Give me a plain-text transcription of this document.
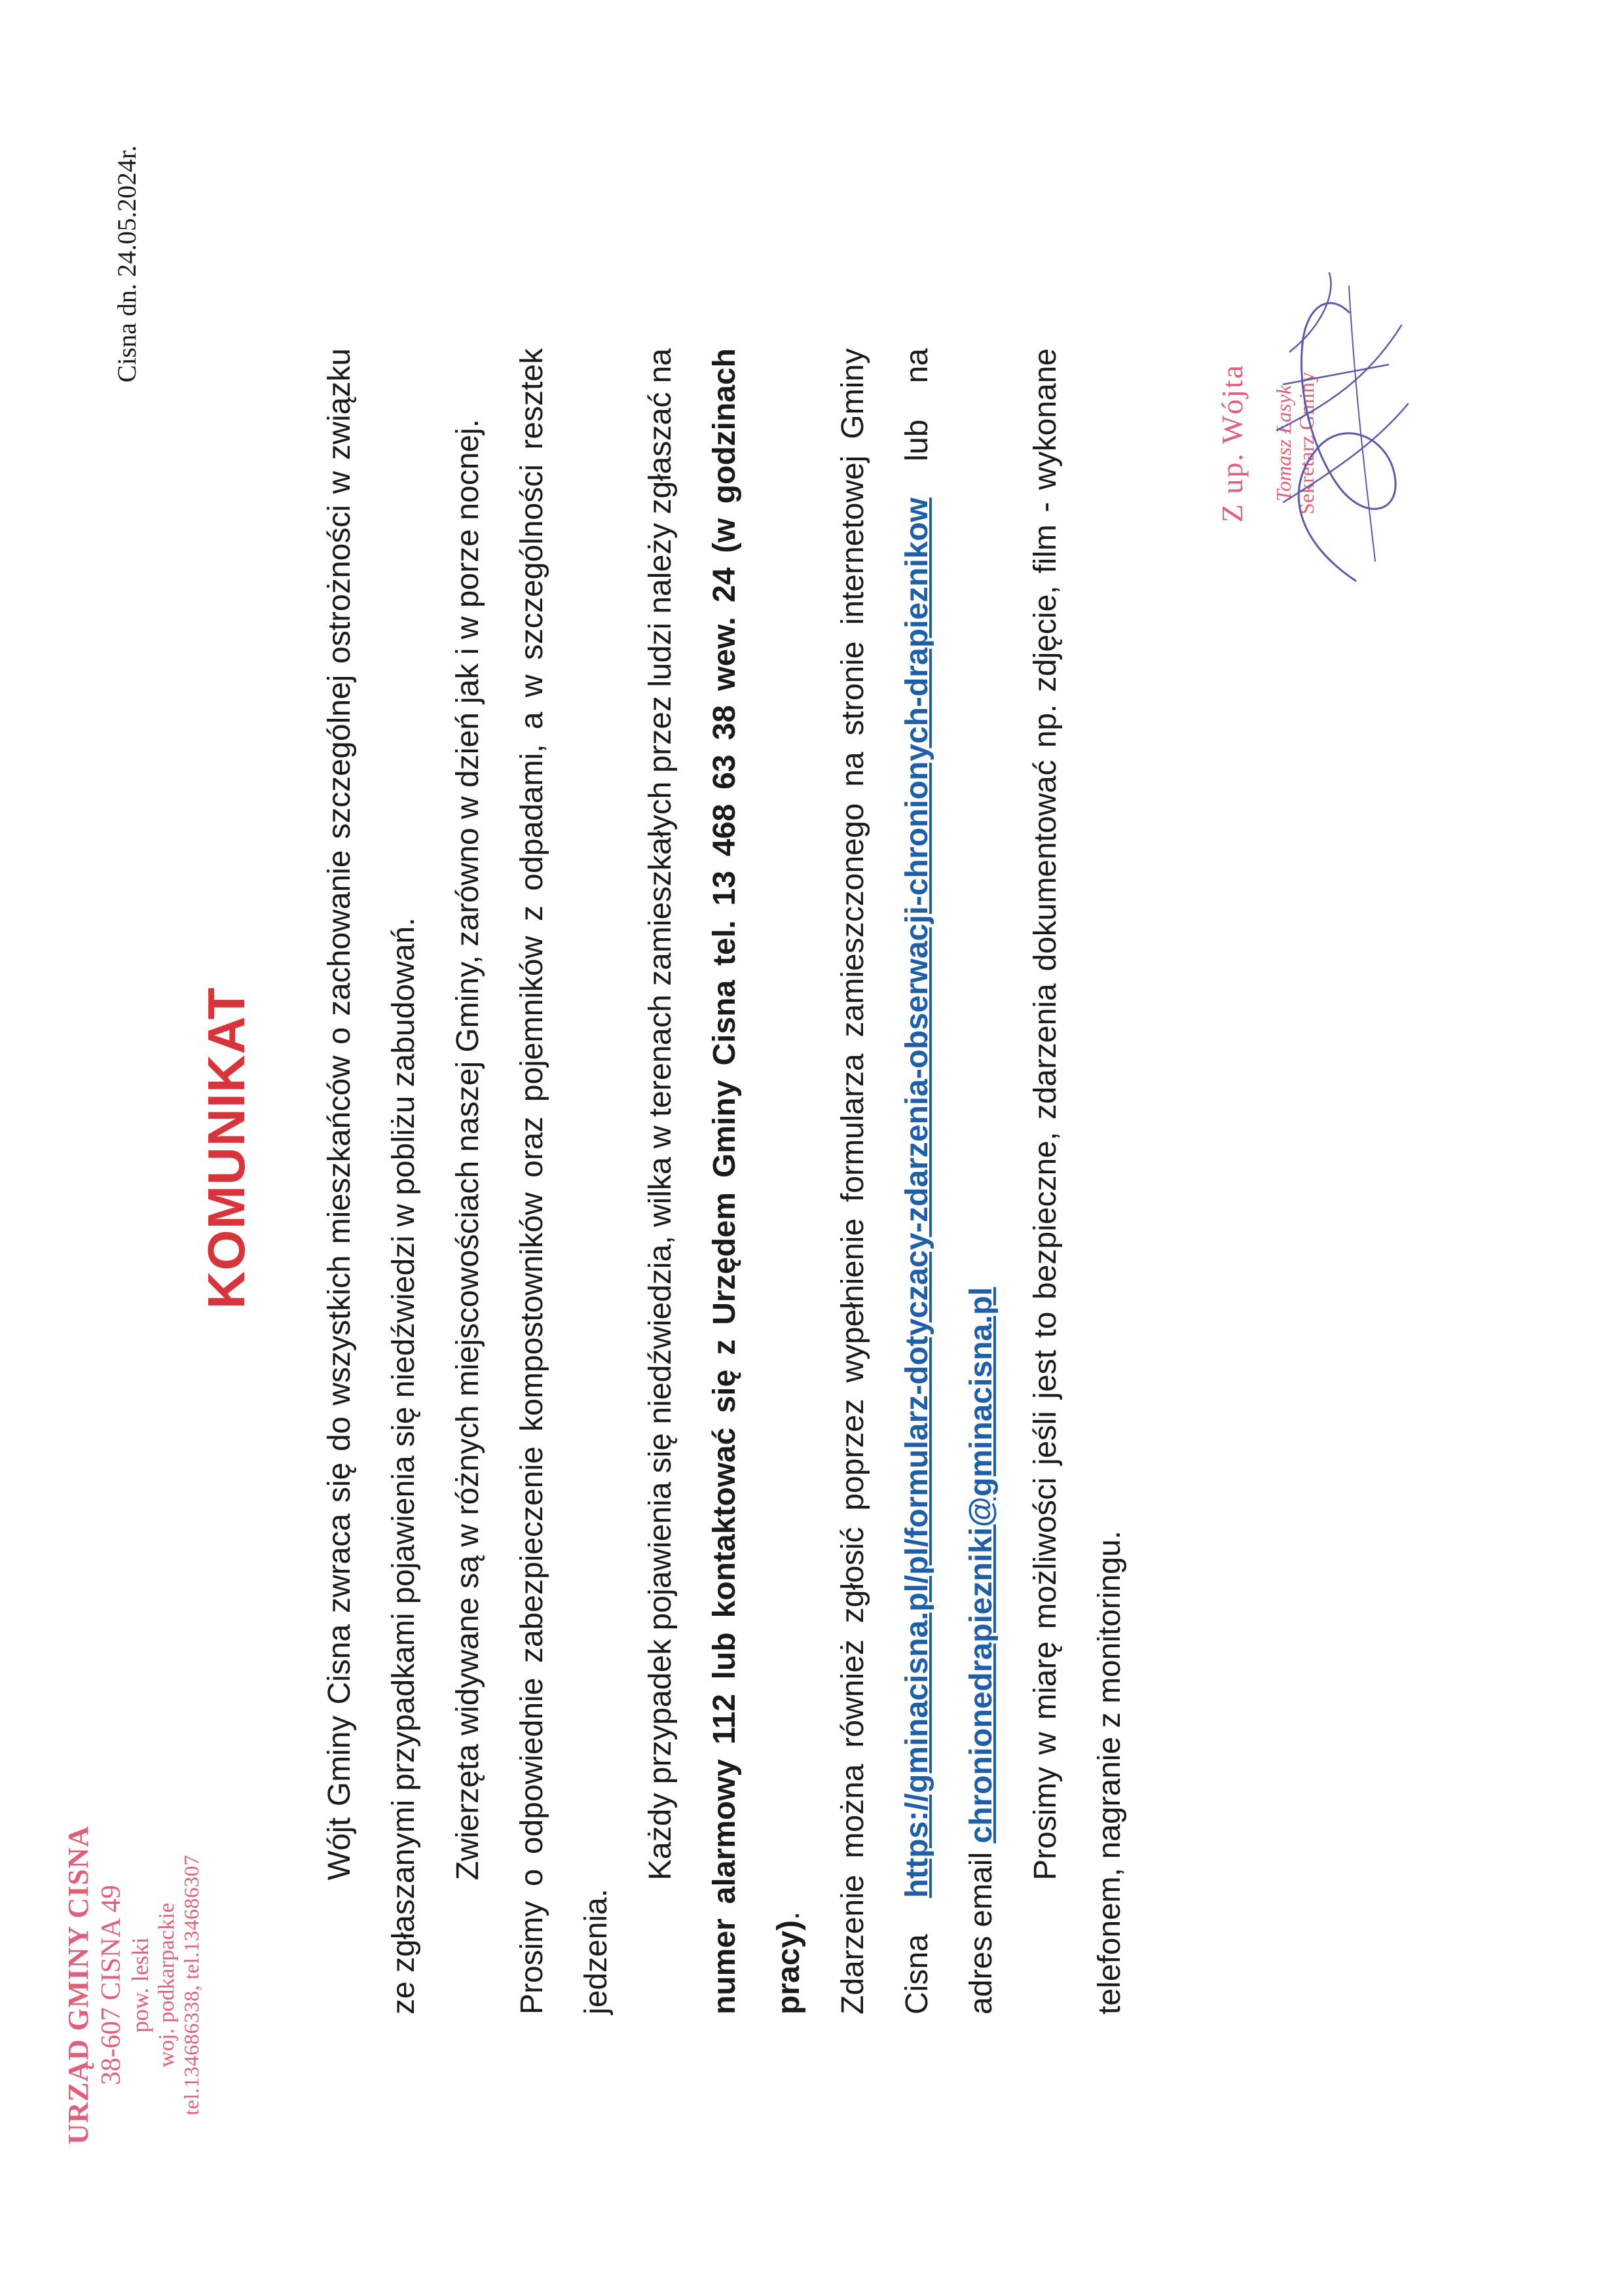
URZĄD GMINY CISNA 38-607 CISNA 49 pow. leski woj. podkarpackie tel.134686338, tel.134686307
Cisna dn. 24.05.2024r.
KOMUNIKAT	Wójt Gminy Cisna zwraca się do wszystkich mieszkańców o zachowanie szczególnej ostrożności w związku ze zgłaszanymi przypadkami pojawienia się niedźwiedzi w pobliżu zabudowań. Zwierzęta widywane są w różnych miejscowościach naszej Gminy, zarówno w dzień jak i w porze nocnej. Prosimy o odpowiednie zabezpieczenie kompostowników oraz pojemników z odpadami, a w szczególności resztek jedzenia.

Każdy przypadek pojawienia się niedźwiedzia, wilka w terenach zamieszkałych przez ludzi należy zgłaszać na numer alarmowy 112 lub kontaktować się z Urzędem Gminy Cisna tel. 13 468 63 38 wew. 24 (w godzinach pracy). Zdarzenie można również zgłosić poprzez wypełnienie formularza zamieszczonego na stronie internetowej Gminy Cisna https://gminacisna.pl/pl/formularz-dotyczacy-zdarzenia-obserwacji-chronionych-drapieznikow lub na adres email chronionedrapiezniki@gminacisna.pl Prosimy w miarę możliwości jeśli jest to bezpieczne, zdarzenia dokumentować np. zdjęcie, film - wykonane telefonem, nagranie z monitoringu.

Z up. Wójta Tomasz Łasyk Sekretarz Gminy
